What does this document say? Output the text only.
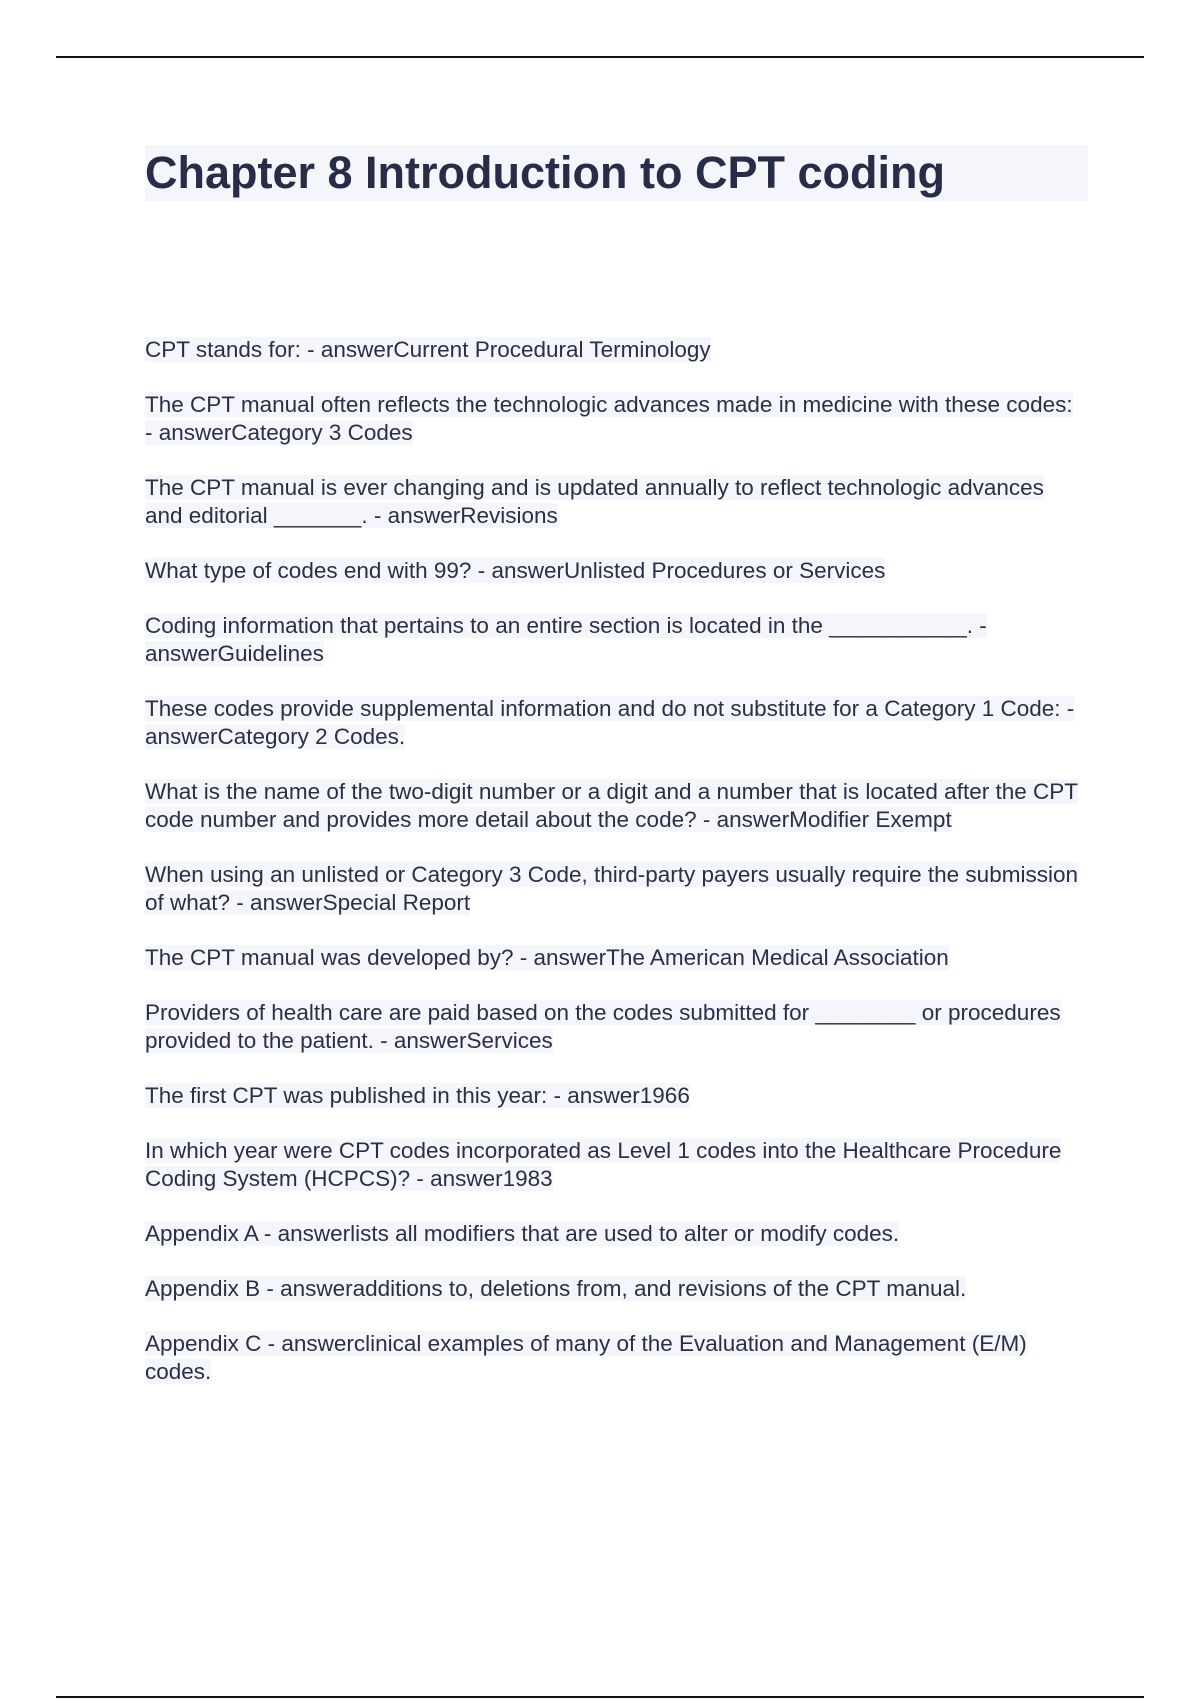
Chapter 8 Introduction to CPT coding
CPT stands for: - answerCurrent Procedural Terminology
The CPT manual often reflects the technologic advances made in medicine with these codes: - answerCategory 3 Codes
The CPT manual is ever changing and is updated annually to reflect technologic advances and editorial _______. - answerRevisions
What type of codes end with 99? - answerUnlisted Procedures or Services
Coding information that pertains to an entire section is located in the ___________. - answerGuidelines
These codes provide supplemental information and do not substitute for a Category 1 Code: - answerCategory 2 Codes.
What is the name of the two-digit number or a digit and a number that is located after the CPT code number and provides more detail about the code? - answerModifier Exempt
When using an unlisted or Category 3 Code, third-party payers usually require the submission of what? - answerSpecial Report
The CPT manual was developed by? - answerThe American Medical Association
Providers of health care are paid based on the codes submitted for ________ or procedures provided to the patient. - answerServices
The first CPT was published in this year: - answer1966
In which year were CPT codes incorporated as Level 1 codes into the Healthcare Procedure Coding System (HCPCS)? - answer1983
Appendix A - answerlists all modifiers that are used to alter or modify codes.
Appendix B - answeradditions to, deletions from, and revisions of the CPT manual.
Appendix C - answerclinical examples of many of the Evaluation and Management (E/M) codes.
